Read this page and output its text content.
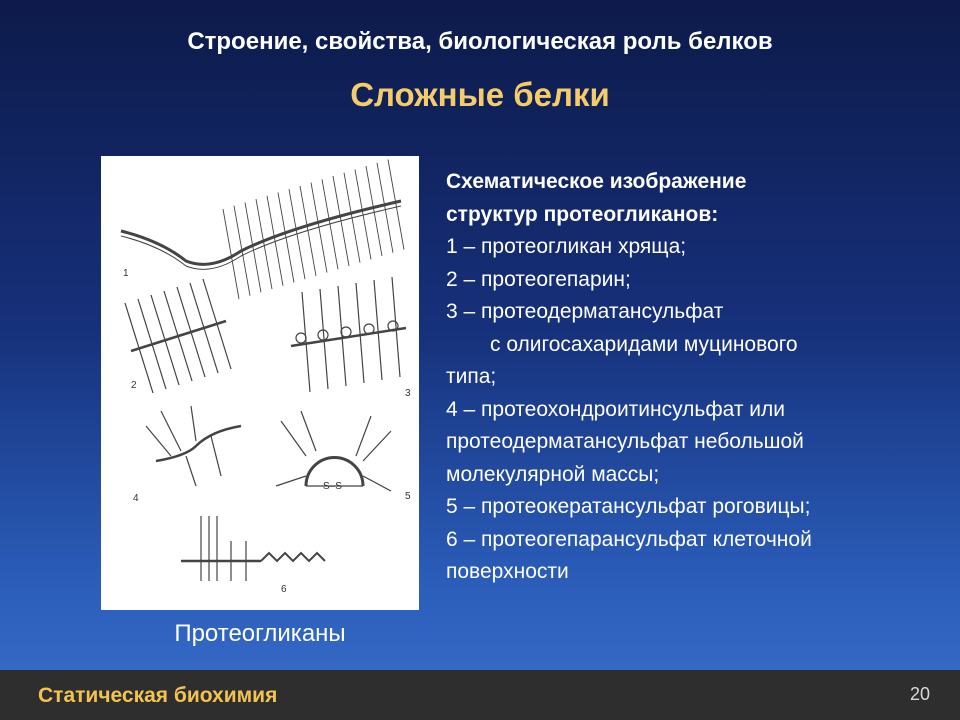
Строение, свойства, биологическая роль белков
Сложные белки
1
2
3
4	5
6
S–S
Протеогликаны
Схематическое изображение
структур протеогликанов:
1 – протеогликан хряща;
2 – протеогепарин;
3 – протеодерматансульфат
с олигосахаридами муцинового
типа;
4 – протеохондроитинсульфат или
протеодерматансульфат небольшой
молекулярной массы;
5 – протеокератансульфат роговицы;
6 – протеогепарансульфат клеточной
поверхности
Статическая биохимия	20
